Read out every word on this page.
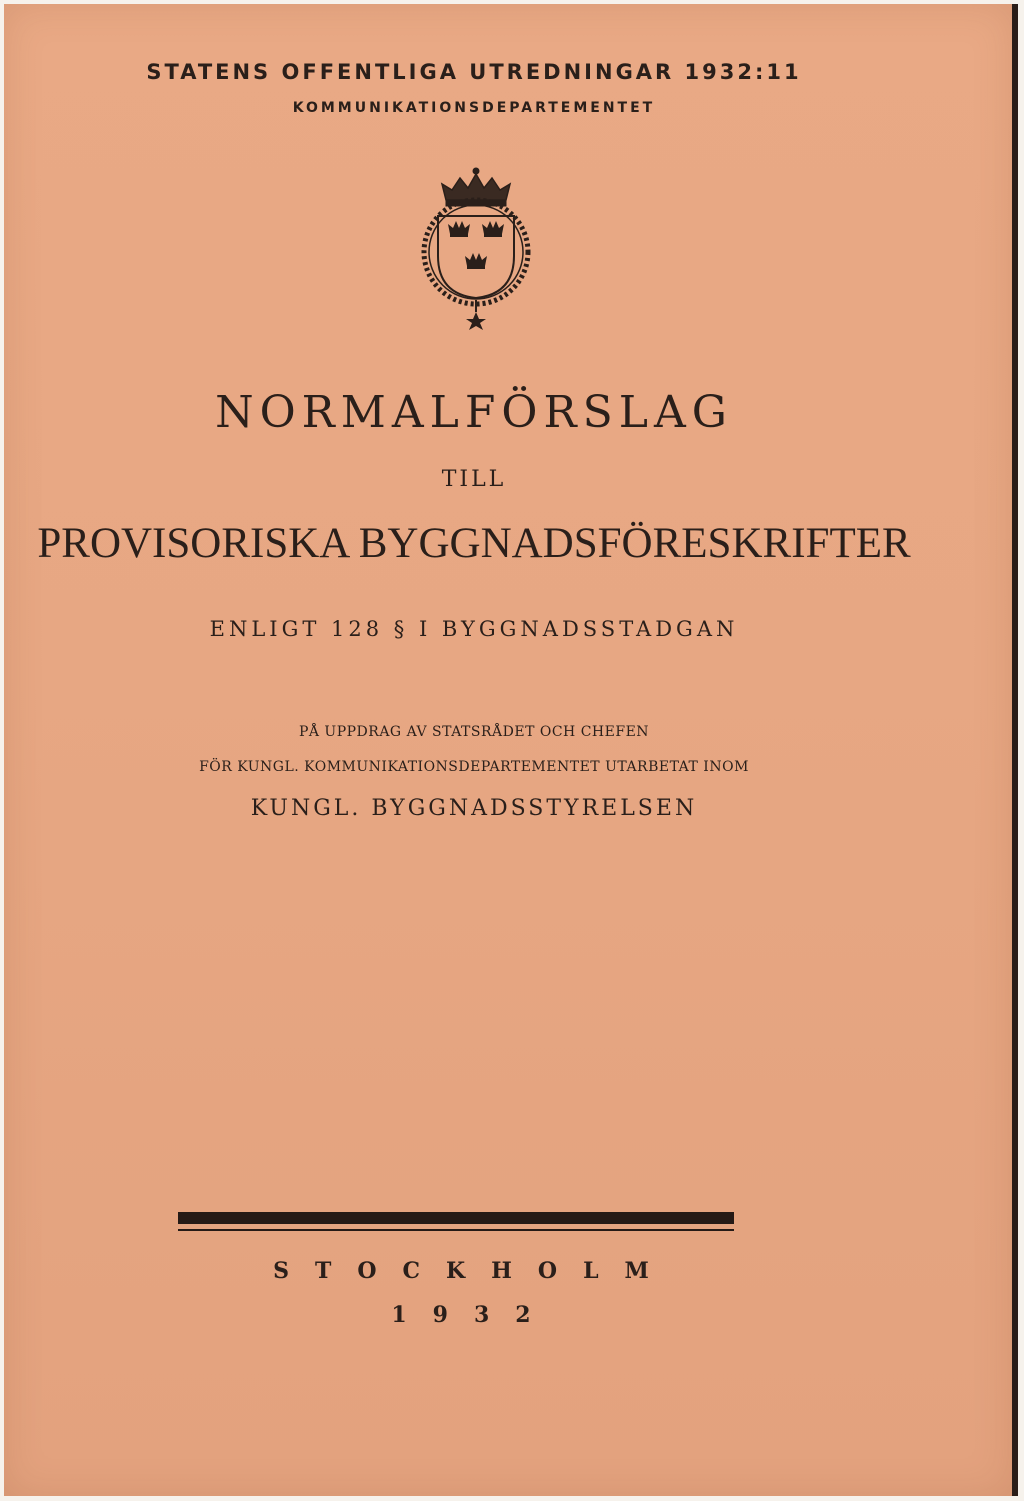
STATENS OFFENTLIGA UTREDNINGAR 1932:11
KOMMUNIKATIONSDEPARTEMENTET
NORMALFÖRSLAG
TILL
PROVISORISKA BYGGNADSFÖRESKRIFTER
ENLIGT 128 § I BYGGNADSSTADGAN
PÅ UPPDRAG AV STATSRÅDET OCH CHEFEN
FÖR KUNGL. KOMMUNIKATIONSDEPARTEMENTET UTARBETAT INOM
KUNGL. BYGGNADSSTYRELSEN
STOCKHOLM
1932
